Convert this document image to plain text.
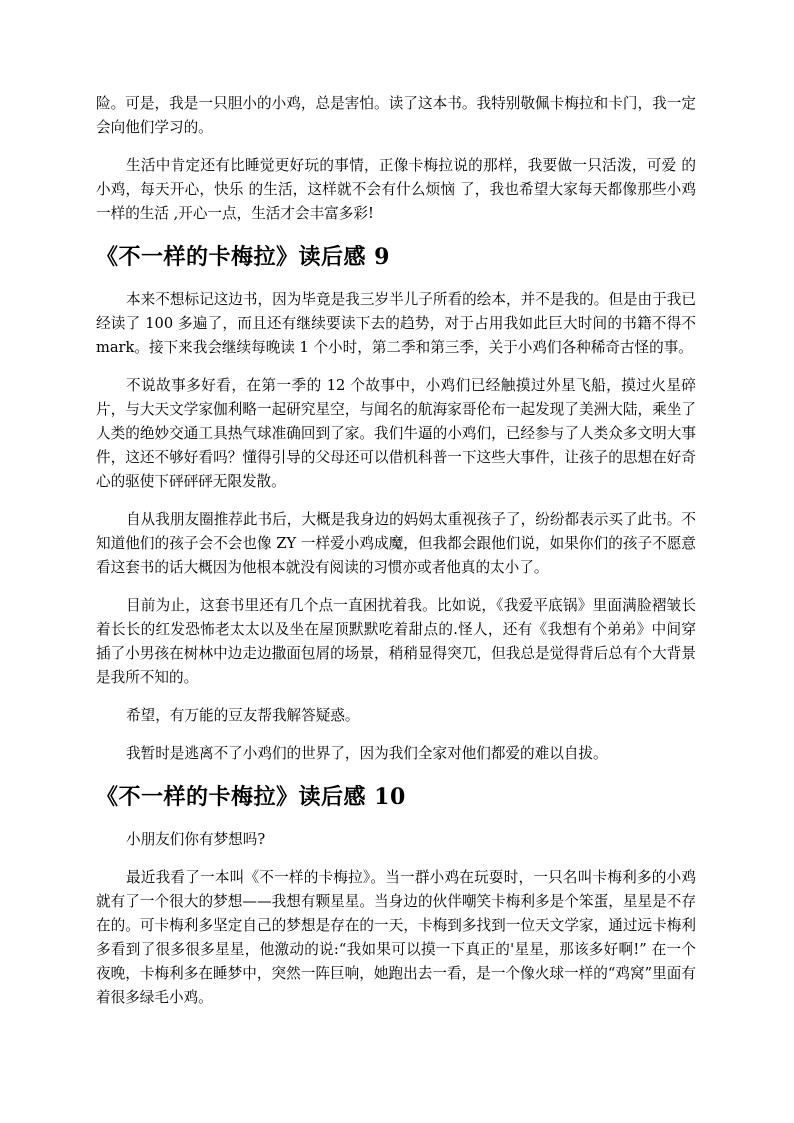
险。可是，我是一只胆小的小鸡，总是害怕。读了这本书。我特别敬佩卡梅拉和卡门，我一定会向他们学习的。

生活中肯定还有比睡觉更好玩的事情，正像卡梅拉说的那样，我要做一只活泼，可爱 的小鸡，每天开心，快乐 的生活，这样就不会有什么烦恼 了，我也希望大家每天都像那些小鸡一样的生活 ,开心一点，生活才会丰富多彩!

《不一样的卡梅拉》读后感 9

本来不想标记这边书，因为毕竟是我三岁半儿子所看的绘本，并不是我的。但是由于我已经读了 100 多遍了，而且还有继续要读下去的趋势，对于占用我如此巨大时间的书籍不得不 mark。接下来我会继续每晚读 1 个小时，第二季和第三季，关于小鸡们各种稀奇古怪的事。

不说故事多好看，在第一季的 12 个故事中，小鸡们已经触摸过外星飞船，摸过火星碎片，与大天文学家伽利略一起研究星空，与闻名的航海家哥伦布一起发现了美洲大陆，乘坐了人类的绝妙交通工具热气球准确回到了家。我们牛逼的小鸡们，已经参与了人类众多文明大事件，这还不够好看吗？懂得引导的父母还可以借机科普一下这些大事件，让孩子的思想在好奇心的驱使下砰砰砰无限发散。

自从我朋友圈推荐此书后，大概是我身边的妈妈太重视孩子了，纷纷都表示买了此书。不知道他们的孩子会不会也像 ZY 一样爱小鸡成魔，但我都会跟他们说，如果你们的孩子不愿意看这套书的话大概因为他根本就没有阅读的习惯亦或者他真的太小了。

目前为止，这套书里还有几个点一直困扰着我。比如说，《我爱平底锅》里面满脸褶皱长着长长的红发恐怖老太太以及坐在屋顶默默吃着甜点的.怪人，还有《我想有个弟弟》中间穿插了小男孩在树林中边走边撒面包屑的场景，稍稍显得突兀，但我总是觉得背后总有个大背景是我所不知的。

希望，有万能的豆友帮我解答疑惑。

我暂时是逃离不了小鸡们的世界了，因为我们全家对他们都爱的难以自拔。

《不一样的卡梅拉》读后感 10

小朋友们你有梦想吗?

最近我看了一本叫《不一样的卡梅拉》。当一群小鸡在玩耍时，一只名叫卡梅利多的小鸡就有了一个很大的梦想——我想有颗星星。当身边的伙伴嘲笑卡梅利多是个笨蛋，星星是不存在的。可卡梅利多坚定自己的梦想是存在的一天，卡梅到多找到一位天文学家，通过远卡梅利多看到了很多很多星星，他激动的说:“我如果可以摸一下真正的'星星，那该多好啊!” 在一个夜晚，卡梅利多在睡梦中，突然一阵巨响，她跑出去一看，是一个像火球一样的“鸡窝”里面有着很多绿毛小鸡。
